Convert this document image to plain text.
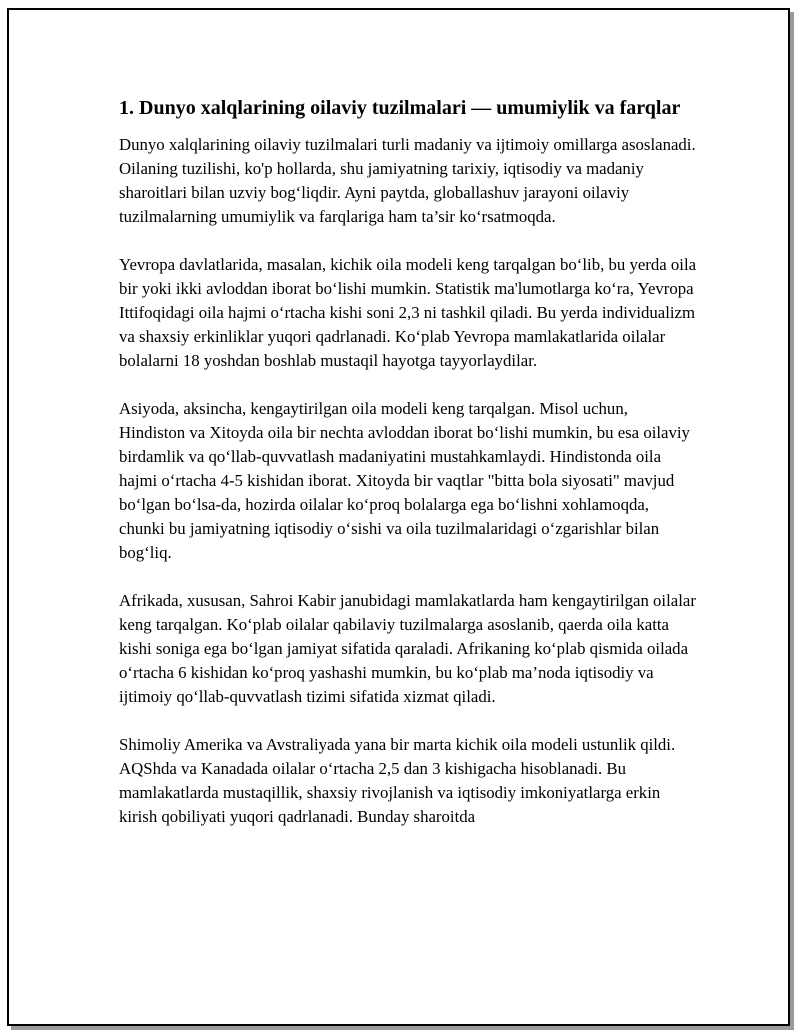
1. Dunyo xalqlarining oilaviy tuzilmalari — umumiylik va farqlar

Dunyo xalqlarining oilaviy tuzilmalari turli madaniy va ijtimoiy omillarga asoslanadi. Oilaning tuzilishi, ko'p hollarda, shu jamiyatning tarixiy, iqtisodiy va madaniy sharoitlari bilan uzviy bog‘liqdir. Ayni paytda, globallashuv jarayoni oilaviy tuzilmalarning umumiylik va farqlariga ham ta’sir ko‘rsatmoqda.

Yevropa davlatlarida, masalan, kichik oila modeli keng tarqalgan bo‘lib, bu yerda oila bir yoki ikki avloddan iborat bo‘lishi mumkin. Statistik ma'lumotlarga ko‘ra, Yevropa Ittifoqidagi oila hajmi o‘rtacha kishi soni 2,3 ni tashkil qiladi. Bu yerda individualizm va shaxsiy erkinliklar yuqori qadrlanadi. Ko‘plab Yevropa mamlakatlarida oilalar bolalarni 18 yoshdan boshlab mustaqil hayotga tayyorlaydilar.

Asiyoda, aksincha, kengaytirilgan oila modeli keng tarqalgan. Misol uchun, Hindiston va Xitoyda oila bir nechta avloddan iborat bo‘lishi mumkin, bu esa oilaviy birdamlik va qo‘llab-quvvatlash madaniyatini mustahkamlaydi. Hindistonda oila hajmi o‘rtacha 4-5 kishidan iborat. Xitoyda bir vaqtlar "bitta bola siyosati" mavjud bo‘lgan bo‘lsa-da, hozirda oilalar ko‘proq bolalarga ega bo‘lishni xohlamoqda, chunki bu jamiyatning iqtisodiy o‘sishi va oila tuzilmalaridagi o‘zgarishlar bilan bog‘liq.

Afrikada, xususan, Sahroi Kabir janubidagi mamlakatlarda ham kengaytirilgan oilalar keng tarqalgan. Ko‘plab oilalar qabilaviy tuzilmalarga asoslanib, qaerda oila katta kishi soniga ega bo‘lgan jamiyat sifatida qaraladi. Afrikaning ko‘plab qismida oilada o‘rtacha 6 kishidan ko‘proq yashashi mumkin, bu ko‘plab ma’noda iqtisodiy va ijtimoiy qo‘llab-quvvatlash tizimi sifatida xizmat qiladi.

Shimoliy Amerika va Avstraliyada yana bir marta kichik oila modeli ustunlik qildi. AQShda va Kanadada oilalar o‘rtacha 2,5 dan 3 kishigacha hisoblanadi. Bu mamlakatlarda mustaqillik, shaxsiy rivojlanish va iqtisodiy imkoniyatlarga erkin kirish qobiliyati yuqori qadrlanadi. Bunday sharoitda
